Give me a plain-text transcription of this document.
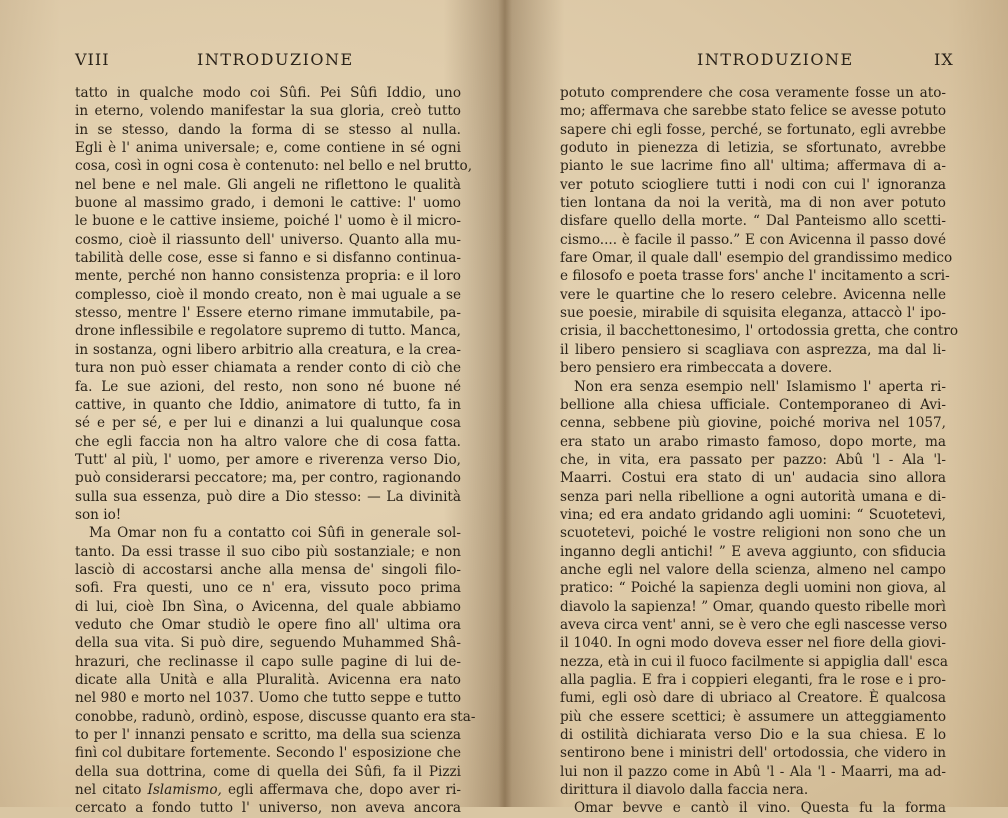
VIII	INTRODUZIONE
tatto in qualche modo coi Sûfi. Pei Sûfi Iddio, uno
in eterno, volendo manifestar la sua gloria, creò tutto
in se stesso, dando la forma di se stesso al nulla.
Egli è l' anima universale; e, come contiene in sé ogni
cosa, così in ogni cosa è contenuto: nel bello e nel brutto,
nel bene e nel male. Gli angeli ne riflettono le qualità
buone al massimo grado, i demoni le cattive: l' uomo
le buone e le cattive insieme, poiché l' uomo è il micro-
cosmo, cioè il riassunto dell' universo. Quanto alla mu-
tabilità delle cose, esse si fanno e si disfanno continua-
mente, perché non hanno consistenza propria: e il loro
complesso, cioè il mondo creato, non è mai uguale a se
stesso, mentre l' Essere eterno rimane immutabile, pa-
drone inflessibile e regolatore supremo di tutto. Manca,
in sostanza, ogni libero arbitrio alla creatura, e la crea-
tura non può esser chiamata a render conto di ciò che
fa. Le sue azioni, del resto, non sono né buone né
cattive, in quanto che Iddio, animatore di tutto, fa in
sé e per sé, e per lui e dinanzi a lui qualunque cosa
che egli faccia non ha altro valore che di cosa fatta.
Tutt' al più, l' uomo, per amore e riverenza verso Dio,
può considerarsi peccatore; ma, per contro, ragionando
sulla sua essenza, può dire a Dio stesso: — La divinità
son io!
Ma Omar non fu a contatto coi Sûfi in generale sol-
tanto. Da essi trasse il suo cibo più sostanziale; e non
lasciò di accostarsi anche alla mensa de' singoli filo-
sofi. Fra questi, uno ce n' era, vissuto poco prima
di lui, cioè Ibn Sìna, o Avicenna, del quale abbiamo
veduto che Omar studiò le opere fino all' ultima ora
della sua vita. Si può dire, seguendo Muhammed Shâ-
hrazuri, che reclinasse il capo sulle pagine di lui de-
dicate alla Unità e alla Pluralità. Avicenna era nato
nel 980 e morto nel 1037. Uomo che tutto seppe e tutto
conobbe, radunò, ordinò, espose, discusse quanto era sta-
to per l' innanzi pensato e scritto, ma della sua scienza
finì col dubitare fortemente. Secondo l' esposizione che
della sua dottrina, come di quella dei Sûfi, fa il Pizzi
nel citato Islamismo, egli affermava che, dopo aver ri-
cercato a fondo tutto l' universo, non aveva ancora
INTRODUZIONE	IX
potuto comprendere che cosa veramente fosse un ato-
mo; affermava che sarebbe stato felice se avesse potuto
sapere chi egli fosse, perché, se fortunato, egli avrebbe
goduto in pienezza di letizia, se sfortunato, avrebbe
pianto le sue lacrime fino all' ultima; affermava di a-
ver potuto sciogliere tutti i nodi con cui l' ignoranza
tien lontana da noi la verità, ma di non aver potuto
disfare quello della morte. “ Dal Panteismo allo scetti-
cismo.... è facile il passo.” E con Avicenna il passo dové
fare Omar, il quale dall' esempio del grandissimo medico
e filosofo e poeta trasse fors' anche l' incitamento a scri-
vere le quartine che lo resero celebre. Avicenna nelle
sue poesie, mirabile di squisita eleganza, attaccò l' ipo-
crisia, il bacchettonesimo, l' ortodossia gretta, che contro
il libero pensiero si scagliava con asprezza, ma dal li-
bero pensiero era rimbeccata a dovere.
Non era senza esempio nell' Islamismo l' aperta ri-
bellione alla chiesa ufficiale. Contemporaneo di Avi-
cenna, sebbene più giovine, poiché moriva nel 1057,
era stato un arabo rimasto famoso, dopo morte, ma
che, in vita, era passato per pazzo: Abû 'l - Ala 'l-
Maarri. Costui era stato di un' audacia sino allora
senza pari nella ribellione a ogni autorità umana e di-
vina; ed era andato gridando agli uomini: “ Scuotetevi,
scuotetevi, poiché le vostre religioni non sono che un
inganno degli antichi! ” E aveva aggiunto, con sfiducia
anche egli nel valore della scienza, almeno nel campo
pratico: “ Poiché la sapienza degli uomini non giova, al
diavolo la sapienza! ” Omar, quando questo ribelle morì
aveva circa vent' anni, se è vero che egli nascesse verso
il 1040. In ogni modo doveva esser nel fiore della giovi-
nezza, età in cui il fuoco facilmente si appiglia dall' esca
alla paglia. E fra i coppieri eleganti, fra le rose e i pro-
fumi, egli osò dare di ubriaco al Creatore. È qualcosa
più che essere scettici; è assumere un atteggiamento
di ostilità dichiarata verso Dio e la sua chiesa. E lo
sentirono bene i ministri dell' ortodossia, che videro in
lui non il pazzo come in Abû 'l - Ala 'l - Maarri, ma ad-
dirittura il diavolo dalla faccia nera.
Omar bevve e cantò il vino. Questa fu la forma
